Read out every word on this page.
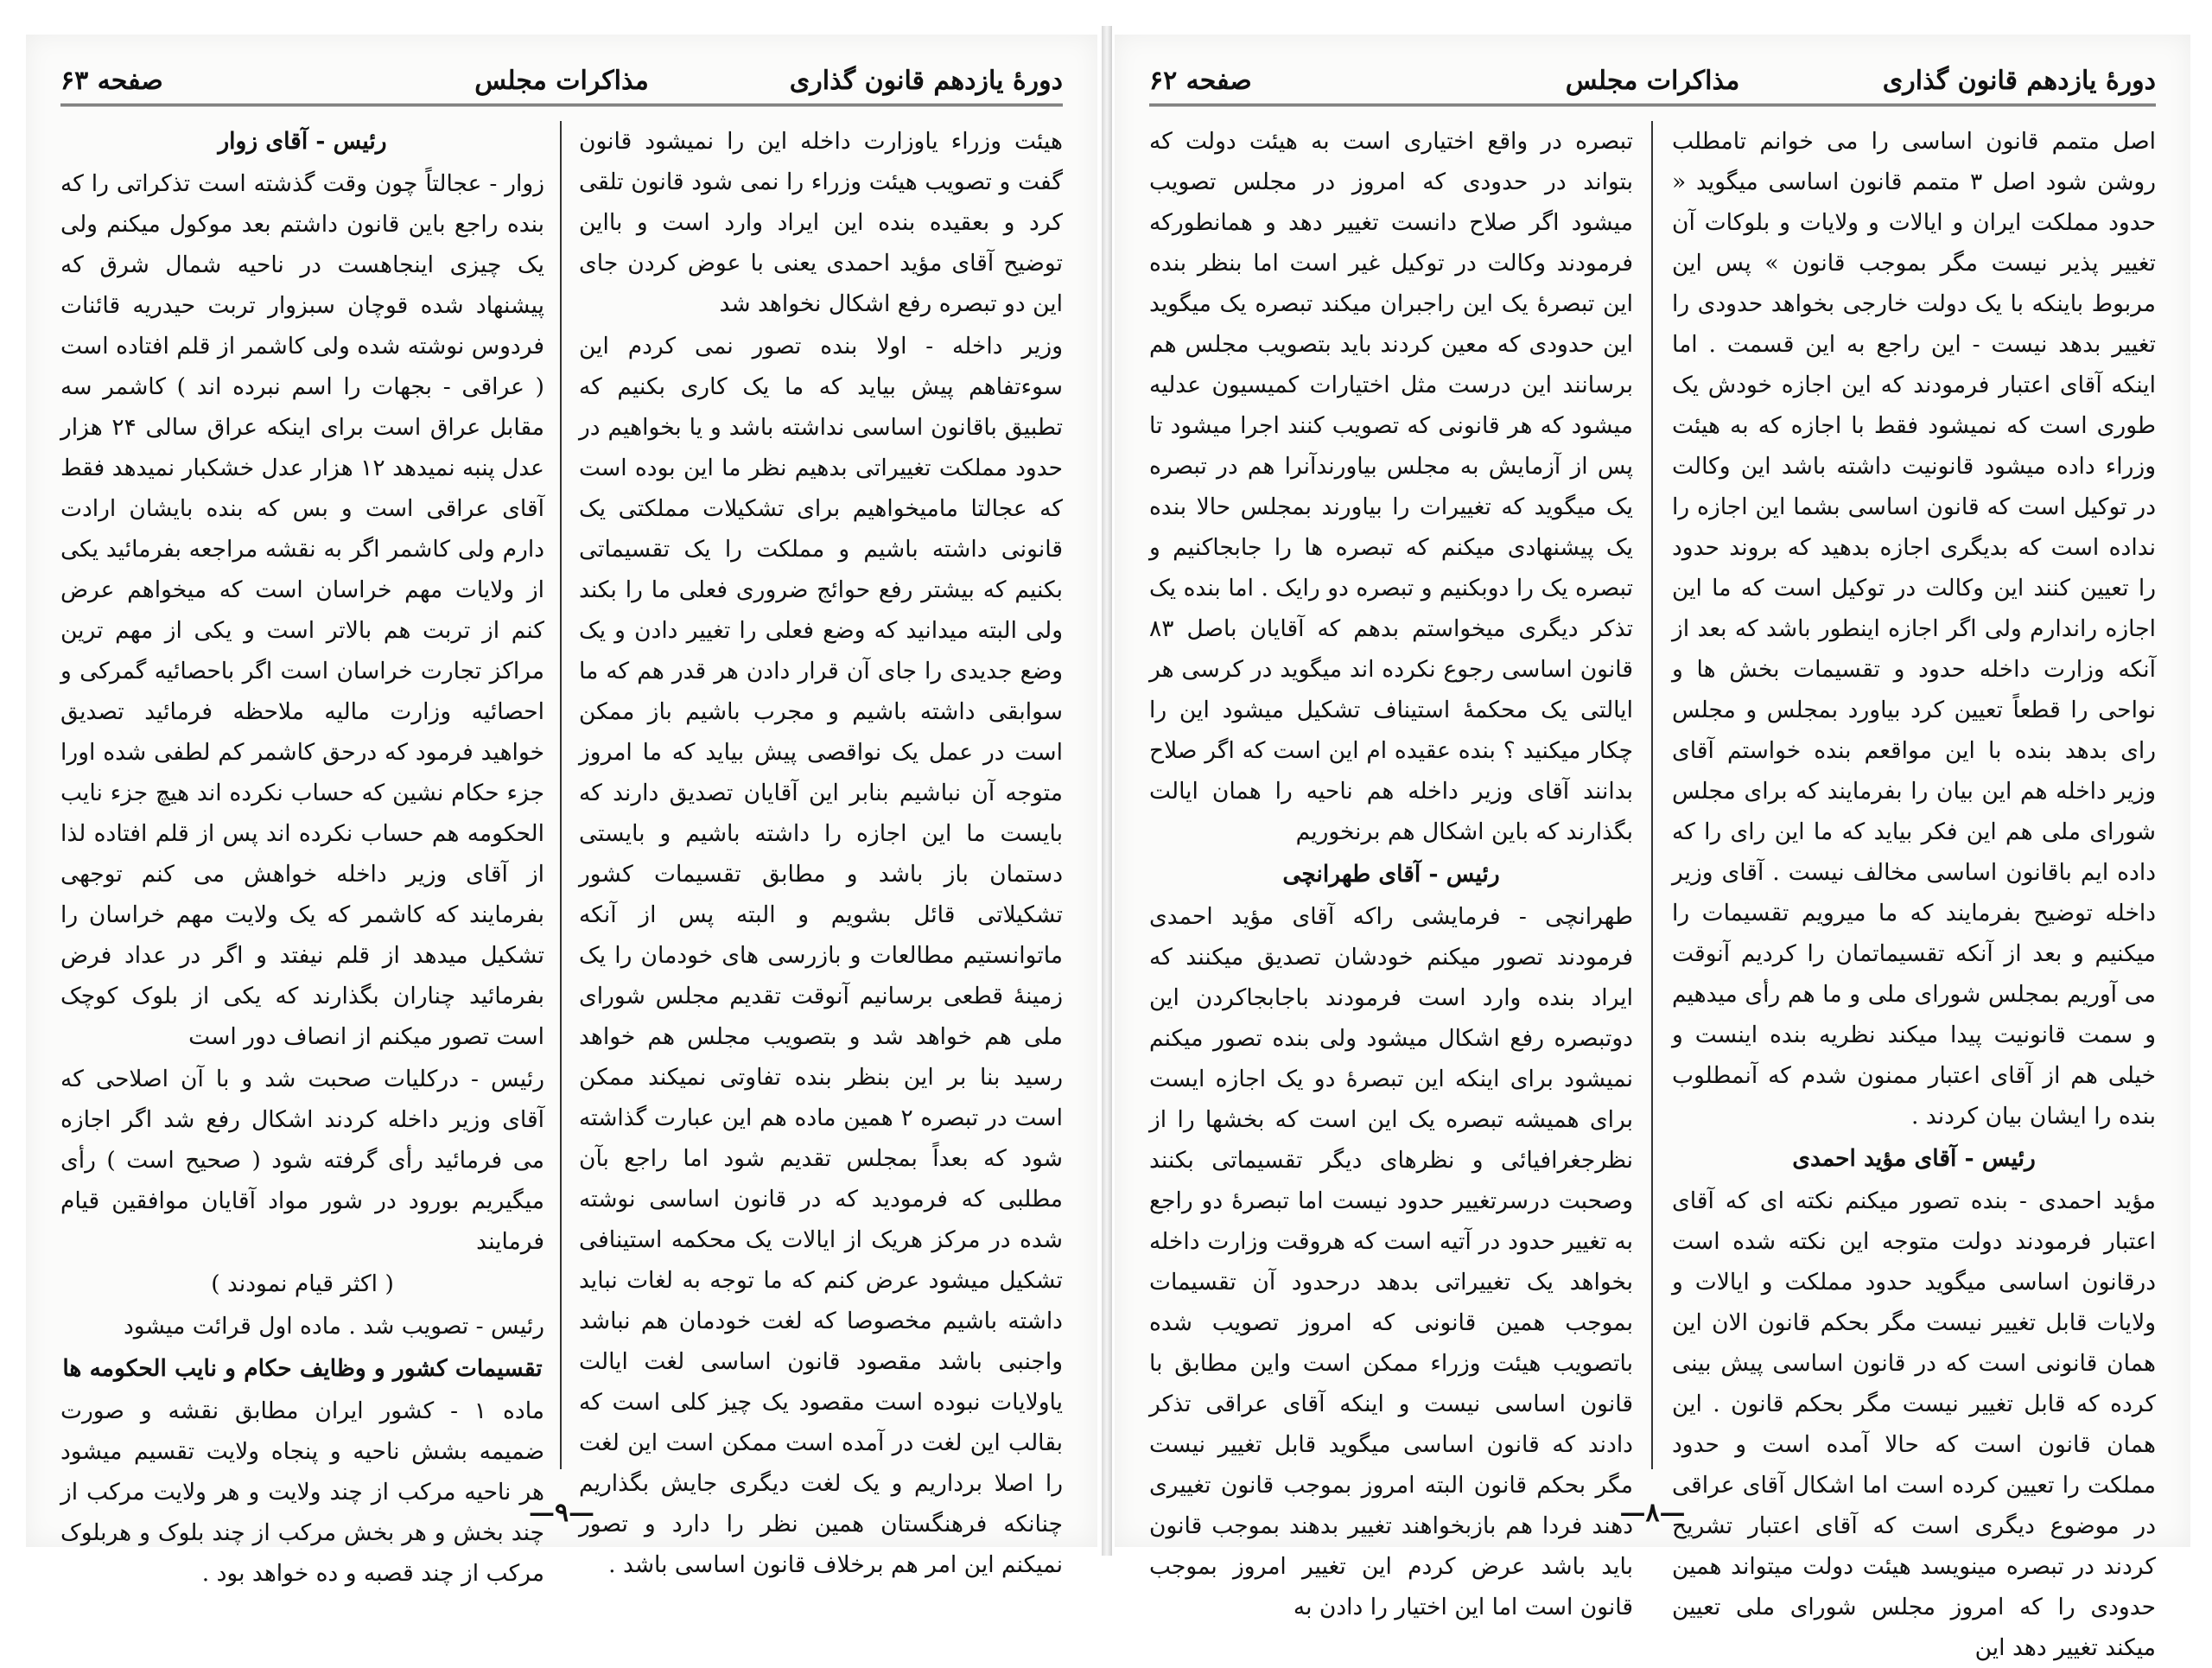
دورهٔ یازدهم قانون گذاری
مذاکرات مجلس
صفحه ۶۳

هیئت وزراء یاوزارت داخله این را نمیشود قانون گفت و تصویب هیئت وزراء را نمی شود قانون تلقی کرد و بعقیده بنده این ایراد وارد است و بااین توضیح آقای مؤید احمدی یعنی با عوض کردن جای این دو تبصره رفع اشکال نخواهد شد

وزیر داخله - اولا بنده تصور نمی کردم این سوءتفاهم پیش بیاید که ما یک کاری بکنیم که تطبیق باقانون اساسی نداشته باشد و یا بخواهیم در حدود مملکت تغییراتی بدهیم نظر ما این بوده است که عجالتا مامیخواهیم برای تشکیلات مملکتی یک قانونی داشته باشیم و مملکت را یک تقسیماتی بکنیم که بیشتر رفع حوائج ضروری فعلی ما را بکند ولی البته میدانید که وضع فعلی را تغییر دادن و یک وضع جدیدی را جای آن قرار دادن هر قدر هم که ما سوابقی داشته باشیم و مجرب باشیم باز ممکن است در عمل یک نواقصی پیش بیاید که ما امروز متوجه آن نباشیم بنابر این آقایان تصدیق دارند که بایست ما این اجازه را داشته باشیم و بایستی دستمان باز باشد و مطابق تقسیمات کشور تشکیلاتی قائل بشویم و البته پس از آنکه ماتوانستیم مطالعات و بازرسی های خودمان را یک زمینهٔ قطعی برسانیم آنوقت تقدیم مجلس شورای ملی هم خواهد شد و بتصویب مجلس هم خواهد رسید بنا بر این بنظر بنده تفاوتی نمیکند ممکن است در تبصره ۲ همین ماده هم این عبارت گذاشته شود که بعداً بمجلس تقدیم شود اما راجع بآن مطلبی که فرمودید که در قانون اساسی نوشته شده در مرکز هریک از ایالات یک محکمه استینافی تشکیل میشود عرض کنم که ما توجه به لغات نباید داشته باشیم مخصوصا که لغت خودمان هم نباشد واجنبی باشد مقصود قانون اساسی لغت ایالت یاولایات نبوده است مقصود یک چیز کلی است که بقالب این لغت در آمده است ممکن است این لغت را اصلا برداریم و یک لغت دیگری جایش بگذاریم چنانکه فرهنگستان همین نظر را دارد و تصور نمیکنم این امر هم برخلاف قانون اساسی باشد .

رئیس - آقای زوار

زوار - عجالتاً چون وقت گذشته است تذکراتی را که بنده راجع باین قانون داشتم بعد موکول میکنم ولی یک چیزی اینجاهست در ناحیه شمال شرق که پیشنهاد شده قوچان سبزوار تربت حیدریه قائنات فردوس نوشته شده ولی کاشمر از قلم افتاده است ( عراقی - بجهات را اسم نبرده اند ) کاشمر سه مقابل عراق است برای اینکه عراق سالی ۲۴ هزار عدل پنبه نمیدهد ۱۲ هزار عدل خشکبار نمیدهد فقط آقای عراقی است و بس که بنده بایشان ارادت دارم ولی کاشمر اگر به نقشه مراجعه بفرمائید یکی از ولایات مهم خراسان است که میخواهم عرض کنم از تربت هم بالاتر است و یکی از مهم ترین مراکز تجارت خراسان است اگر باحصائیه گمرکی و احصائیه وزارت مالیه ملاحظه فرمائید تصدیق خواهید فرمود که درحق کاشمر کم لطفی شده اورا جزء حکام نشین که حساب نکرده اند هیچ جزء نایب الحکومه هم حساب نکرده اند پس از قلم افتاده لذا از آقای وزیر داخله خواهش می کنم توجهی بفرمایند که کاشمر که یک ولایت مهم خراسان را تشکیل میدهد از قلم نیفتد و اگر در عداد فرض بفرمائید چناران بگذارند که یکی از بلوک کوچک است تصور میکنم از انصاف دور است

رئیس - درکلیات صحبت شد و با آن اصلاحی که آقای وزیر داخله کردند اشکال رفع شد اگر اجازه می فرمائید رأی گرفته شود ( صحیح است ) رأی میگیریم بورود در شور مواد آقایان موافقین قیام فرمایند

( اکثر قیام نمودند )

رئیس - تصویب شد . ماده اول قرائت میشود

تقسیمات کشور و وظایف حکام و نایب الحکومه ها

ماده ۱ - کشور ایران مطابق نقشه و صورت ضمیمه بشش ناحیه و پنجاه ولایت تقسیم میشود هر ناحیه مرکب از چند ولایت و هر ولایت مرکب از چند بخش و هر بخش مرکب از چند بلوک و هربلوک مرکب از چند قصبه و ده خواهد بود .

—۹—
دورهٔ یازدهم قانون گذاری
مذاکرات مجلس
صفحه ۶۲

اصل متمم قانون اساسی را می خوانم تامطلب روشن شود اصل ۳ متمم قانون اساسی میگوید « حدود مملکت ایران و ایالات و ولایات و بلوکات آن تغییر پذیر نیست مگر بموجب قانون » پس این مربوط باینکه با یک دولت خارجی بخواهد حدودی را تغییر بدهد نیست - این راجع به این قسمت . اما اینکه آقای اعتبار فرمودند که این اجازه خودش یک طوری است که نمیشود فقط با اجازه که به هیئت وزراء داده میشود قانونیت داشته باشد این وکالت در توکیل است که قانون اساسی بشما این اجازه را نداده است که بدیگری اجازه بدهید که بروند حدود را تعیین کنند این وکالت در توکیل است که ما این اجازه راندارم ولی اگر اجازه اینطور باشد که بعد از آنکه وزارت داخله حدود و تقسیمات بخش ها و نواحی را قطعاً تعیین کرد بیاورد بمجلس و مجلس رای بدهد بنده با این مواقعم بنده خواستم آقای وزیر داخله هم این بیان را بفرمایند که برای مجلس شورای ملی هم این فکر بیاید که ما این رای را که داده ایم باقانون اساسی مخالف نیست . آقای وزیر داخله توضیح بفرمایند که ما میرویم تقسیمات را میکنیم و بعد از آنکه تقسیماتمان را کردیم آنوقت می آوریم بمجلس شورای ملی و ما هم رأی میدهیم و سمت قانونیت پیدا میکند نظریه بنده اینست و خیلی هم از آقای اعتبار ممنون شدم که آنمطلوب بنده را ایشان بیان کردند .

رئیس - آقای مؤید احمدی

مؤید احمدی - بنده تصور میکنم نکته ای که آقای اعتبار فرمودند دولت متوجه این نکته شده است درقانون اساسی میگوید حدود مملکت و ایالات و ولایات قابل تغییر نیست مگر بحکم قانون الان این همان قانونی است که در قانون اساسی پیش بینی کرده که قابل تغییر نیست مگر بحکم قانون . این همان قانون است که حالا آمده است و حدود مملکت را تعیین کرده است اما اشکال آقای عراقی در موضوع دیگری است که آقای اعتبار تشریح کردند در تبصره مینویسد هیئت دولت میتواند همین حدودی را که امروز مجلس شورای ملی تعیین میکند تغییر دهد این

تبصره در واقع اختیاری است به هیئت دولت که بتواند در حدودی که امروز در مجلس تصویب میشود اگر صلاح دانست تغییر دهد و همانطورکه فرمودند وکالت در توکیل غیر است اما بنظر بنده این تبصرهٔ یک این راجبران میکند تبصره یک میگوید این حدودی که معین کردند باید بتصویب مجلس هم برسانند این درست مثل اختیارات کمیسیون عدلیه میشود که هر قانونی که تصویب کنند اجرا میشود تا پس از آزمایش به مجلس بیاورندآنرا هم در تبصره یک میگوید که تغییرات را بیاورند بمجلس حالا بنده یک پیشنهادی میکنم که تبصره ها را جابجاکنیم و تبصره یک را دوبکنیم و تبصره دو رایک . اما بنده یک تذکر دیگری میخواستم بدهم که آقایان باصل ۸۳ قانون اساسی رجوع نکرده اند میگوید در کرسی هر ایالتی یک محکمهٔ استیناف تشکیل میشود این را چکار میکنید ؟ بنده عقیده ام این است که اگر صلاح بدانند آقای وزیر داخله هم ناحیه را همان ایالت بگذارند که باین اشکال هم برنخوریم

رئیس - آقای طهرانچی

طهرانچی - فرمایشی راکه آقای مؤید احمدی فرمودند تصور میکنم خودشان تصدیق میکنند که ایراد بنده وارد است فرمودند باجابجاکردن این دوتبصره رفع اشکال میشود ولی بنده تصور میکنم نمیشود برای اینکه این تبصرهٔ دو یک اجازه ایست برای همیشه تبصره یک این است که بخشها را از نظرجغرافیائی و نظرهای دیگر تقسیماتی بکنند وصحبت درسرتغییر حدود نیست اما تبصرهٔ دو راجع به تغییر حدود در آتیه است که هروقت وزارت داخله بخواهد یک تغییراتی بدهد درحدود آن تقسیمات بموجب همین قانونی که امروز تصویب شده باتصویب هیئت وزراء ممکن است واین مطابق با قانون اساسی نیست و اینکه آقای عراقی تذکر دادند که قانون اساسی میگوید قابل تغییر نیست مگر بحکم قانون البته امروز بموجب قانون تغییری دهند فردا هم بازبخواهند تغییر بدهند بموجب قانون باید باشد عرض کردم این تغییر امروز بموجب قانون است اما این اختیار را دادن به

—۸—
